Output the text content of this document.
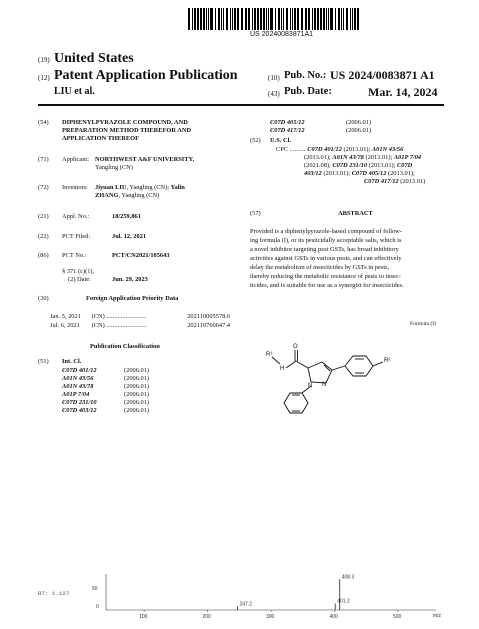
US 20240083871A1
(19) United States
(12) Patent Application Publication	(10) Pub. No.: US 2024/0083871 A1
LIU et al.	(43) Pub. Date:	Mar. 14, 2024
(54) DIPHENYLPYRAZOLE COMPOUND, AND
PREPARATION METHOD THEREFOR AND
APPLICATION THEREOF
(71) Applicant: NORTHWEST A&F UNIVERSITY,
Yangling (CN)
(72) Inventors: Jiyuan LIU, Yangling (CN); Yalin
ZHANG, Yangling (CN)
(21) Appl. No.:	18/259,861
(22) PCT Filed:	Jul. 12, 2021
(86) PCT No.:	PCT/CN2021/105643
§ 371 (c)(1),
(2) Date:	Jun. 29, 2023
(30)	Foreign Application Priority Data
Jan. 5, 2021 (CN) .........................	202110005578.6
Jul. 6, 2021 (CN) .........................	202110760647.4
Publication Classification
(51) Int. Cl.
C07D 401/12	(2006.01)
A01N 43/56	(2006.01)
A01N 43/78	(2006.01)
A01P 7/04	(2006.01)
C07D 231/10	(2006.01)
C07D 403/12	(2006.01)
C07D 405/12	(2006.01)
C07D 417/12	(2006.01)
(52) U.S. Cl.
CPC .......... C07D 401/12 (2013.01); A01N 43/56
(2013.01); A01N 43/78 (2013.01); A01P 7/04
(2021.08); C07D 231/10 (2013.01); C07D
403/12 (2013.01); C07D 405/12 (2013.01);
C07D 417/12 (2013.01)
(57)	ABSTRACT
Provided is a diphenylpyrazole-based compound of follow-
ing formula (I), or its pesticidally acceptable salts, which is
a novel inhibitor targeting pest GSTs, has broad inhibitory
activities against GSTs in various pests, and can effectively
delay the metabolism of insecticides by GSTs in pests,
thereby reducing the metabolic resistance of pests to insec-
ticides, and is suitable for use as a synergist for insecticides.
Formula (I)
O
H
N N
R¹
R²
RT: 1.127
50
0
m/z
100	200	300	400	500
247.2	401.2
408.3
